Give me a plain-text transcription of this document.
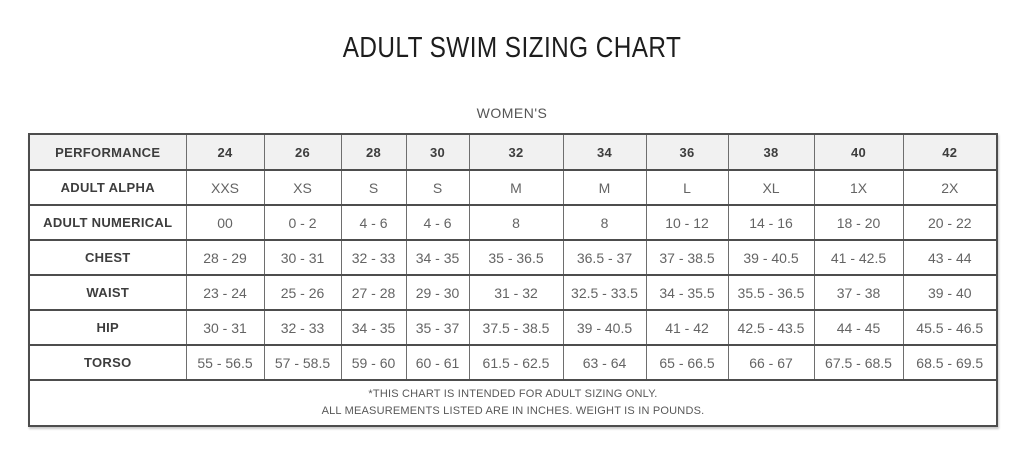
ADULT SWIM SIZING CHART
WOMEN'S
PERFORMANCE	24	26	28	30	32	34	36	38	40	42
ADULT ALPHA	XXS	XS	S	S	M	M	L	XL	1X	2X
ADULT NUMERICAL	00	0 - 2	4 - 6	4 - 6	8	8	10 - 12	14 - 16	18 - 20	20 - 22
CHEST	28 - 29	30 - 31	32 - 33	34 - 35	35 - 36.5	36.5 - 37	37 - 38.5	39 - 40.5	41 - 42.5	43 - 44
WAIST	23 - 24	25 - 26	27 - 28	29 - 30	31 - 32	32.5 - 33.5	34 - 35.5	35.5 - 36.5	37 - 38	39 - 40
HIP	30 - 31	32 - 33	34 - 35	35 - 37	37.5 - 38.5	39 - 40.5	41 - 42	42.5 - 43.5	44 - 45	45.5 - 46.5
TORSO	55 - 56.5	57 - 58.5	59 - 60	60 - 61	61.5 - 62.5	63 - 64	65 - 66.5	66 - 67	67.5 - 68.5	68.5 - 69.5

*THIS CHART IS INTENDED FOR ADULT SIZING ONLY.
ALL MEASUREMENTS LISTED ARE IN INCHES. WEIGHT IS IN POUNDS.										
